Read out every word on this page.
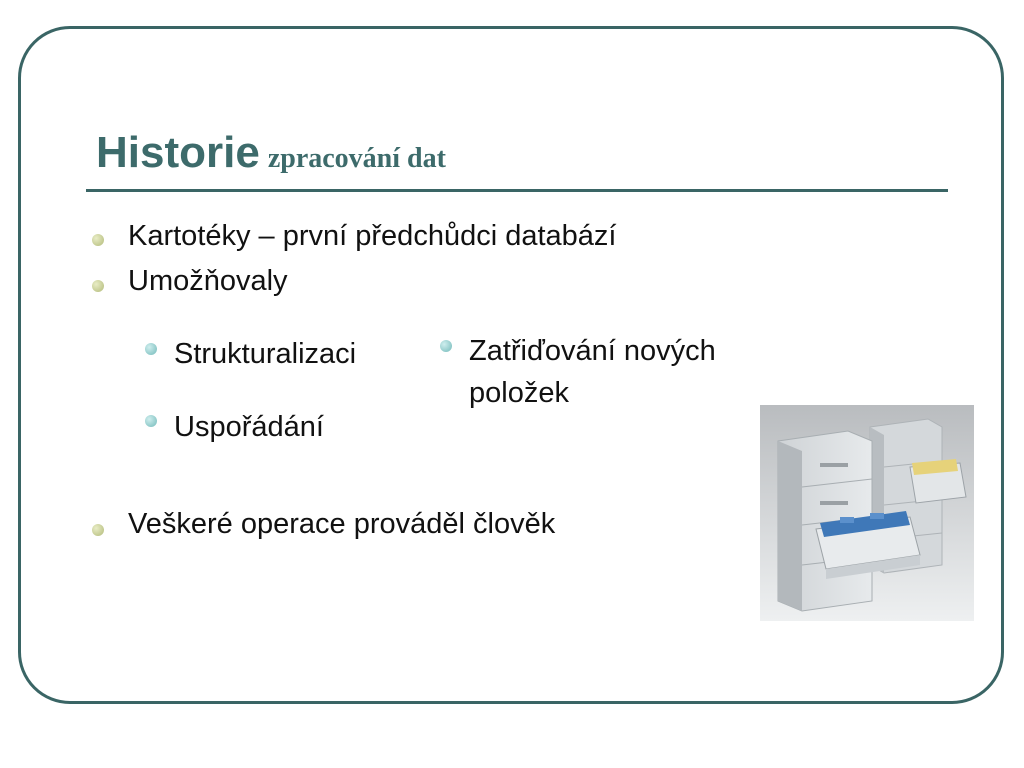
Historie zpracování dat
Kartotéky – první předchůdci databází
Umožňovaly
Strukturalizaci
Uspořádání
Zatřiďování nových položek
Veškeré operace prováděl člověk
